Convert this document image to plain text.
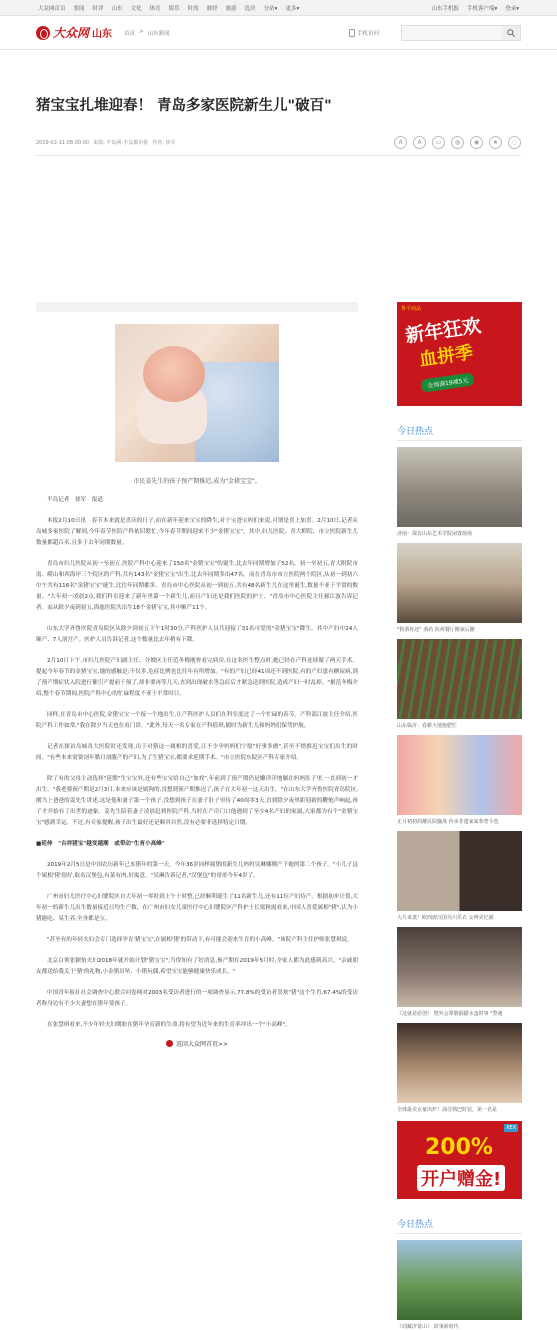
大众网首页 要闻 时评 山东 文化 体育 娱乐 时尚 财经 旅游 选房 分站▾ 更多▾	山东手机报 手机客户端▾ 登录▾
大众网 山东 首页 > 山东新闻	手机访问
猪宝宝扎堆迎春！ 青岛多家医院新生儿"破百"
2019-02-11 08:00:00 来源: 半岛网-半岛都市报 作者: 徐军	A	A	▭	◍	◉	★	◌
市民姜先生的孩子预产期推迟,成为"金猪宝宝"。

半岛记者　徐军　报道

本报2月10日讯　春节本来就是喜庆的日子,而在新年迎来宝宝的降生,对于宝爸宝妈们来说,可谓是喜上加喜。2月10日,记者从岛城多家医院了解到,今年春节医院产科依旧繁忙,今年春节期间迎来不少"金猪宝宝"。其中,妇儿医院、青大附院、市立医院新生儿数量都超百名,且多于去年同期数量。

青岛市妇儿医院从初一至初五,医院产科中心迎来了150名"金猪宝宝"的诞生,比去年同期增加了52名。初一至初五,青大附院市南、崂山和西海岸三个院区的产科,共有143名"金猪宝宝"出生,比去年同期多出47名。而在青岛市市立医院两个院区,从初一到初六中午共有116名"金猪宝宝"诞生,比往年同期都多。青岛市中心医院从初一到初五,共有48名新生儿在这里诞生,数量不亚于平常的数量。"大年初一凌晨2点,我们科室迎来了新年里第一个新生儿,而且产妇还是我们医院的护士。"青岛市中心医院主任郝江波告诉记者。而从除夕夜到初五,海慈医院共出生18个金猪宝宝,其中顺产11个。

山东大学齐鲁医院青岛院区从除夕到初五下午1时30分,产科医护人员共迎接了31名可爱的"金猪宝宝"降生。其中产妇中24人顺产、7人剖宫产。医护人员告诉记者,这个数量比去年稍有下降。

2月10日下午,市妇儿医院产妇副主任、分娩区主任范冬梅刚查看完病房,在这名医生整点时,她已经在产科连续做了两天手术。提起今年春节的金猪宝宝,她的感触是:不仅多,危症比例也比往年有所增加。"有的产妇已经41周还不到医院,有的产妇患有糖尿病,到了预产期症状入院进行催引产提前干预了,却非要再等几天,直到出现破水等急症后才紧急送到医院,造成产妇一时乱掉。"据范冬梅介绍,整个春节期间,医院产科中心的忙碌程度不亚于平常时日。

同样,在青岛市中心医院,金猪宝宝一个接一个地出生,让产科医护人员们在科室度过了一个忙碌的春节。产科部江波主任介绍,医院产科工作如常,"我在除夕当天也在看门诊。"此外,每天一名专家在产科值班,随时为新生儿和妈妈们保驾护航。

记者在探访岛城各大医院时还发现,出于对猪这一属相的喜爱,让不少孕妈妈们宁愿"好事多磨",甚至不惜推迟宝宝们出生的时间。"有些本来需要剖年腊月剖腹产的产妇,为了生猪宝宝,都要求延期手术。"市立医院东院区产科专家介绍。

除了有的父母主动选择"延期"生宝宝外,还有些宝宝给自己"加戏",年前到了预产期仍是懒洋洋地躺在妈妈肚子里,一直到初一才出生。"我老婆预产期是2月3日,本来应该是属狗的,没想到预产期推迟了,孩子在大年初一这天出生。"在山东大学齐鲁医院青岛院区,刚当上爸爸的姜先生讲述,这是他和妻子第一个孩子,没想到孩子在妻子肚子里待了40周零3天,直到除夕夜里距迎新的鞭炮声响起,孩子才开始有了出世的迹象。姜先生陪着妻子凌晨赶到医院产科,当时在产房门口他遇到了至少4名产妇的家属,大家都为有个"金猪宝宝"感到幸运。不过,有专家提醒,孩子出生最好还是顺其自然,没有必要非选择特定日期。

■延伸　"吉祥猪宝"越变越潮　或带动"生育小高峰"

2019年2月5日是中国农历新年己亥猪年的第一天。今年36岁同样属猪的新生儿妈妈吴琳娜刚产下她的第二个孩子。"小儿子这个属相'猪'很好,取名汉堡包,有菜有肉,好寓意。"吴琳告诉记者,"汉堡包"的哥哥今年4岁了。

广州市妇儿医疗中心妇婴院区自大年初一零时到上午十时整,已经顺利诞生了11名新生儿,还有11位产妇待产。根据初步计算,大年初一的新生儿出生数量接近日均生产数。在广州市妇女儿童医疗中心妇婴院区产科护士长梁秋霞看来,中国人喜爱属相"猪",认为小猪能吃、易生养,全身都是宝。

"甚至有的年轻夫妇会专门选择孕育'猪宝宝',在属相'猪'的带动下,有可能会迎来生育的小高峰。"该院产科主任护师张慧琪说。

北京白领张颖怡夫妇2018年就开始计划"猪宝宝",当得知有了好消息,预产期在2019年5月时,全家人都为此感到高兴。"亲戚朋友都送给我关于'猪'的礼物,小金猪吊坠、小猪玩偶,希望宝宝能够健康快乐成长。"

中国青年报社社会调查中心联合问卷网对2003名受访者进行的一项调查显示,77.8%的受访者喜欢"猪"这个生肖,67.4%的受访者称身边有不少夫妻想在猪年要孩子。

在张慧琪看来,不少年轻夫妇期盼在猪年孕育新的生命,将有望为近年来的生育率冲出一个"小高峰"。

返回大众网首页>>
鲁平商品
新年狂欢
血拼季
全场满19减5元
今日热点
济南：探访山东艺术学院闲置现场
"假酒你还" 酒药 杭州餐厅搬家后撤
山东临沂：春耕大地施肥忙
正月初初润蘸民院鏖战 传承非遗家家参普斗苞
大片来袭！欧西唐汉国吴川乐衣 女神美忆圈
《这就是原创》 暨外会尊敬隔猫水蛮时事 "警遇
全球最美女童出炉！油岔熟巴时装，第一名是
XEX
200%
开户赠金!
今日热点
《周藏沂蒙山》 故事新时代
